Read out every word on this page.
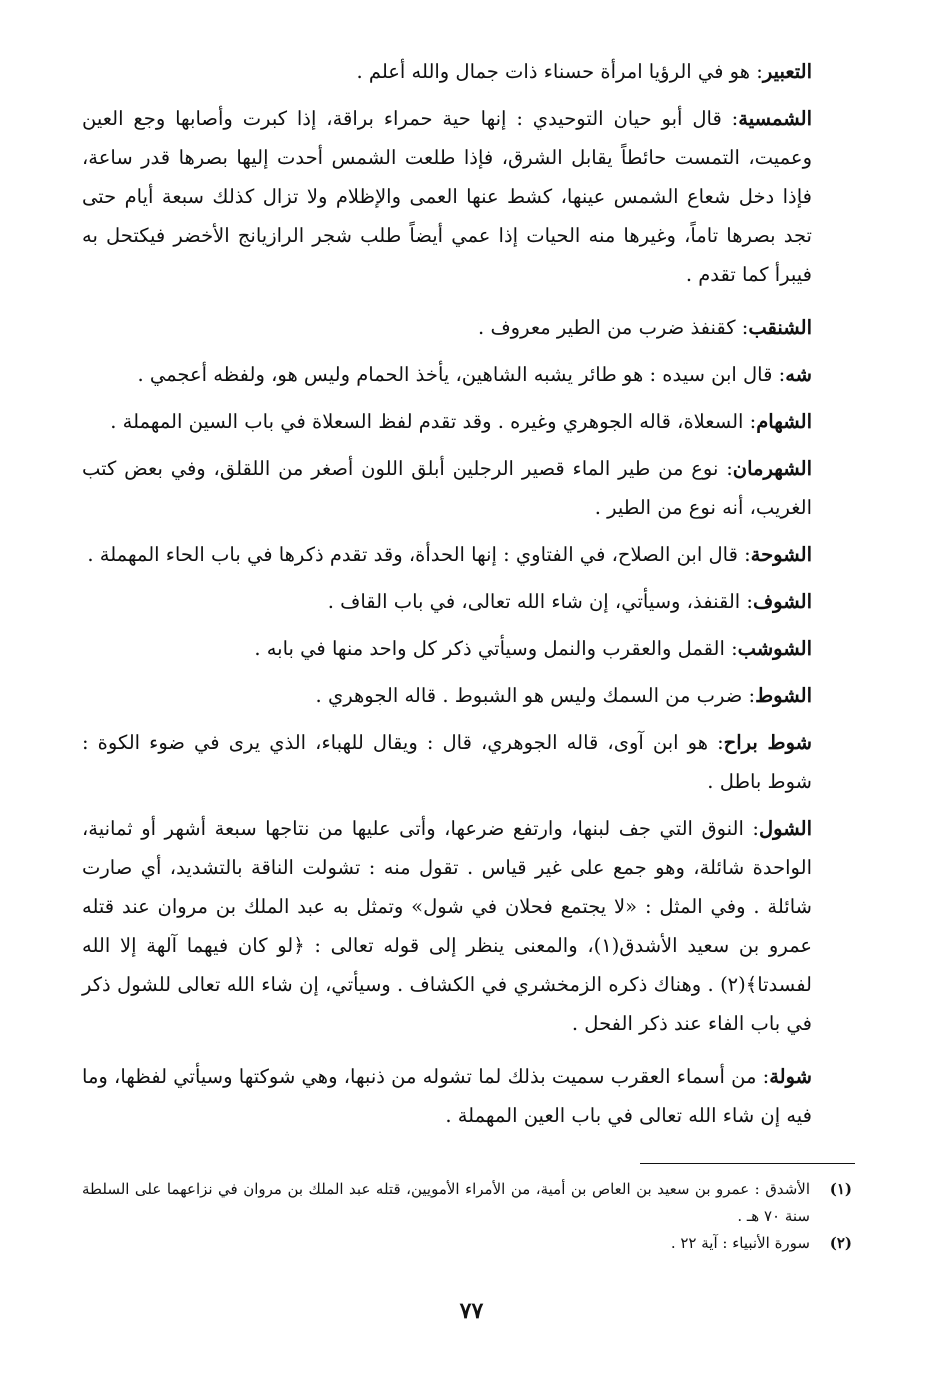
التعبير: هو في الرؤيا امرأة حسناء ذات جمال والله أعلم .

الشمسية: قال أبو حيان التوحيدي : إنها حية حمراء براقة، إذا كبرت وأصابها وجع العين وعميت، التمست حائطاً يقابل الشرق، فإذا طلعت الشمس أحدت إليها بصرها قدر ساعة، فإذا دخل شعاع الشمس عينها، كشط عنها العمى والإظلام ولا تزال كذلك سبعة أيام حتى تجد بصرها تاماً، وغيرها منه الحيات إذا عمي أيضاً طلب شجر الرازيانج الأخضر فيكتحل به فيبرأ كما تقدم .

الشنقب: كقنفذ ضرب من الطير معروف .

شه: قال ابن سيده : هو طائر يشبه الشاهين، يأخذ الحمام وليس هو، ولفظه أعجمي .

الشهام: السعلاة، قاله الجوهري وغيره . وقد تقدم لفظ السعلاة في باب السين المهملة .

الشهرمان: نوع من طير الماء قصير الرجلين أبلق اللون أصغر من اللقلق، وفي بعض كتب الغريب، أنه نوع من الطير .

الشوحة: قال ابن الصلاح، في الفتاوي : إنها الحدأة، وقد تقدم ذكرها في باب الحاء المهملة .

الشوف: القنفذ، وسيأتي، إن شاء الله تعالى، في باب القاف .

الشوشب: القمل والعقرب والنمل وسيأتي ذكر كل واحد منها في بابه .

الشوط: ضرب من السمك وليس هو الشبوط . قاله الجوهري .

شوط براح: هو ابن آوى، قاله الجوهري، قال : ويقال للهباء، الذي يرى في ضوء الكوة : شوط باطل .

الشول: النوق التي جف لبنها، وارتفع ضرعها، وأتى عليها من نتاجها سبعة أشهر أو ثمانية، الواحدة شائلة، وهو جمع على غير قياس . تقول منه : تشولت الناقة بالتشديد، أي صارت شائلة . وفي المثل : «لا يجتمع فحلان في شول» وتمثل به عبد الملك بن مروان عند قتله عمرو بن سعيد الأشدق(١)، والمعنى ينظر إلى قوله تعالى : ﴿لو كان فيهما آلهة إلا الله لفسدتا﴾(٢) . وهناك ذكره الزمخشري في الكشاف . وسيأتي، إن شاء الله تعالى للشول ذكر في باب الفاء عند ذكر الفحل .

شولة: من أسماء العقرب سميت بذلك لما تشوله من ذنبها، وهي شوكتها وسيأتي لفظها، وما فيه إن شاء الله تعالى في باب العين المهملة .

(١)
الأشدق : عمرو بن سعيد بن العاص بن أمية، من الأمراء الأمويين، قتله عبد الملك بن مروان في نزاعهما على السلطة سنة ٧٠ هـ .
(٢)
سورة الأنبياء : آية ٢٢ .
٧٧
